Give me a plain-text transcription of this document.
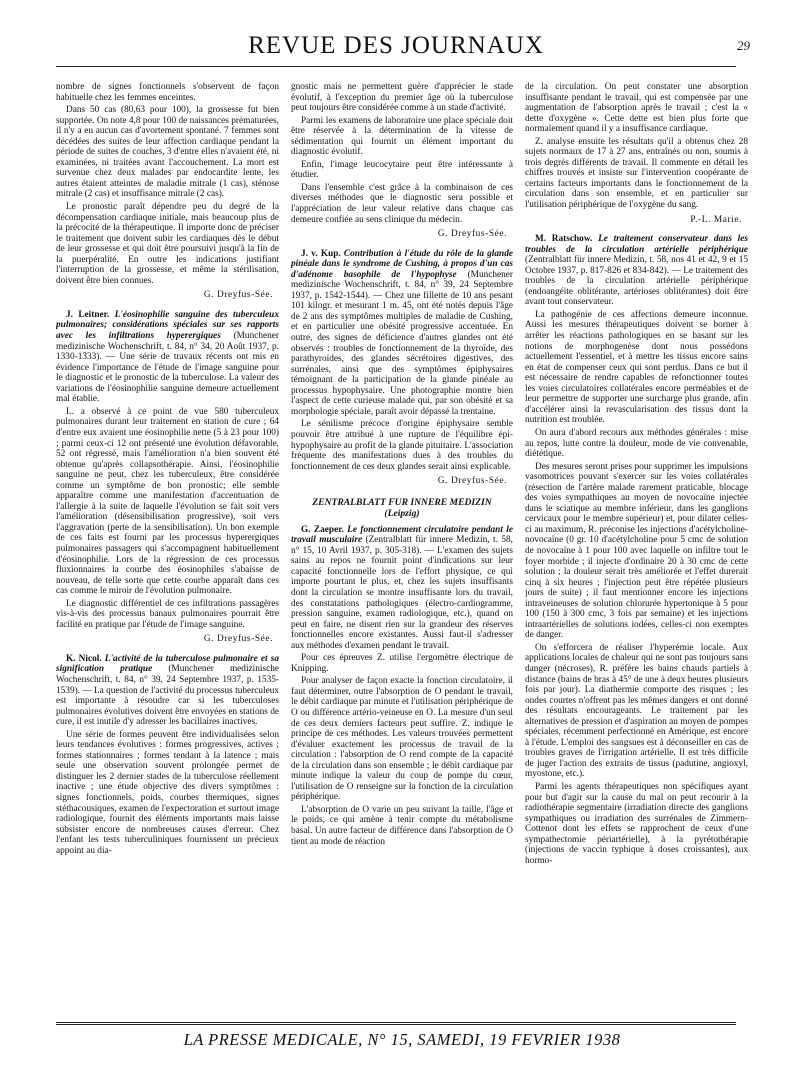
REVUE DES JOURNAUX	29

nombre de signes fonctionnels s'observent de façon habituelle chez les femmes enceintes.

Dans 50 cas (80,63 pour 100), la grossesse fut bien supportée. On note 4,8 pour 100 de naissances prématurées, il n'y a eu aucun cas d'avortement spontané. 7 femmes sont décédées des suites de leur affection cardiaque pendant la période de suites de couches, 3 d'entre elles n'avaient été, ni examinées, ni traitées avant l'accouchement. La mort est survenue chez deux malades par endocardite lente, les autres étaient atteintes de maladie mitrale (1 cas), sténose mitrale (2 cas) et insuffisance mitrale (2 cas).

Le pronostic paraît dépendre peu du degré de la décompensation cardiaque initiale, mais beaucoup plus de la précocité de la thérapeutique. Il importe donc de préciser le traitement que doivent subir les cardiaques dès le début de leur grossesse et qui doit être poursuivi jusqu'à la fin de la puerpéralité. En outre les indications justifiant l'interruption de la grossesse, et même la stérilisation, doivent être bien connues.

G. Dreyfus-Sée.

J. Leitner. L'éosinophilie sanguine des tuberculeux pulmonaires; considérations spéciales sur ses rapports avec les infiltrations hyperergiques (Munchener medizinische Wochenschrift, t. 84, n° 34, 20 Août 1937, p. 1330-1333). — Une série de travaux récents ont mis en évidence l'importance de l'étude de l'image sanguine pour le diagnostic et le pronostic de la tuberculose. La valeur des variations de l'éosinophilie sanguine demeure actuellement mal établie.

L. a observé à ce point de vue 580 tuberculeux pulmonaires durant leur traitement en station de cure ; 64 d'entre eux avaient une éosinophilie nette (5 à 23 pour 100) ; parmi ceux-ci 12 ont présenté une évolution défavorable, 52 ont régressé, mais l'amélioration n'a bien souvent été obtenue qu'après collapsothérapie. Ainsi, l'éosinophilie sanguine ne peut, chez les tuberculeux, être considérée comme un symptôme de bon pronostic; elle semble apparaître comme une manifestation d'accentuation de l'allergie à la suite de laquelle l'évolution se fait soit vers l'amélioration (désensibilisation progressive), soit vers l'aggravation (perte de la sensibilisation). Un bon exemple de ces faits est fourni par les processus hyperergiques pulmonaires passagers qui s'accompagnent habituellement d'éosinophilie. Lors de la régression de ces processus fluxionnaires la courbe des éosinophiles s'abaisse de nouveau, de telle sorte que cette courbe apparaît dans ces cas comme le miroir de l'évolution pulmonaire.

Le diagnostic différentiel de ces infiltrations passagères vis-à-vis des processus banaux pulmonaires pourrait être facilité en pratique par l'étude de l'image sanguine.

G. Dreyfus-Sée.

K. Nicol. L'activité de la tuberculose pulmonaire et sa signification pratique (Munchener medizinische Wochenschrift, t. 84, n° 39, 24 Septembre 1937, p. 1535-1539). — La question de l'activité du processus tuberculeux est importante à résoudre car si les tuberculoses pulmonaires évolutives doivent être envoyées en stations de cure, il est inutile d'y adresser les bacillaires inactives.

Une série de formes peuvent être individualisées selon leurs tendances évolutives : formes progressives, actives ; formes stationnaires ; formes tendant à la latence ; mais seule une observation souvent prolongée permet de distinguer les 2 dernier stades de la tuberculose réellement inactive ; une étude objective des divers symptômes : signes fonctionnels, poids, courbes thermiques, signes stéthacousiques, examen de l'expectoration et surtout image radiologique, fournit des éléments importants mais laisse subsister encore de nombreuses causes d'erreur. Chez l'enfant les tests tuberculiniques fournissent un précieux appoint au dia-

gnostic mais ne permettent guère d'apprécier le stade évolutif, à l'exception du premier âge où la tuberculose peut toujours être considérée comme à un stade d'activité.

Parmi les examens de laboratoire une place spéciale doit être réservée à la détermination de la vitesse de sédimentation qui fournit un élément important du diagnostic évolutif.

Enfin, l'image leucocytaire peut être intéressante à étudier.

Dans l'ensemble c'est grâce à la combinaison de ces diverses méthodes que le diagnostic sera possible et l'appréciation de leur valeur relative dans chaque cas demeure confiée au sens clinique du médecin.

G. Dreyfus-Sée.

J. v. Kup. Contribution à l'étude du rôle de la glande pinéale dans le syndrome de Cushing, à propos d'un cas d'adénome basophile de l'hypophyse (Munchener medizinische Wochenschrift, t. 84, n° 39, 24 Septembre 1937, p. 1542-1544). — Chez une fillette de 10 ans pesant 101 kilogr. et mesurant 1 m. 45, ont été notés depuis l'âge de 2 ans des symptômes multiples de maladie de Cushing, et en particulier une obésité progressive accentuée. En outre, des signes de déficience d'autres glandes ont été observés : troubles de fonctionnement de la thyroïde, des parathyroïdes, des glandes sécrétoires digestives, des surrénales, ainsi que des symptômes épiphysaires témoignant de la participation de la glande pinéale au processus hypophysaire. Une photographie montre bien l'aspect de cette curieuse malade qui, par son obésité et sa morphologie spéciale, paraît avoir dépassé la trentaine.

Le sénilisme précoce d'origine épiphysaire semble pouvoir être attribué à une rupture de l'équilibre épi-hypophysaire au profit de la glande pituitaire. L'association fréquente des manifestations dues à des troubles du fonctionnement de ces deux glandes serait ainsi explicable.

G. Dreyfus-Sée.
ZENTRALBLATT FUR INNERE MEDIZIN
(Leipzig)

G. Zaeper. Le fonctionnement circulatoire pendant le travail musculaire (Zentralblatt für innere Medizin, t. 58, n° 15, 10 Avril 1937, p. 305-318). — L'examen des sujets sains au repos ne fournit point d'indications sur leur capacité fonctionnelle lors de l'effort physique, ce qui importe pourtant le plus, et, chez les sujets insuffisants dont la circulation se montre insuffisante lors du travail, des constatations pathologiques (électro-cardiogramme, pression sanguine, examen radiologique, etc.), quand on peut en faire, ne disent rien sur la grandeur des réserves fonctionnelles encore existantes. Aussi faut-il s'adresser aux méthodes d'examen pendant le travail.

Pour ces épreuves Z. utilise l'ergomètre électrique de Knipping.

Pour analyser de façon exacte la fonction circulatoire, il faut déterminer, outre l'absorption de O pendant le travail, le débit cardiaque par minute et l'utilisation périphérique de O ou différence artério-veineuse en O. La mesure d'un seul de ces deux derniers facteurs peut suffire. Z. indique le principe de ces méthodes. Les valeurs trouvées permettent d'évaluer exactement les processus de travail de la circulation : l'absorption de O rend compte de la capacité de la circulation dans son ensemble ; le débit cardiaque par minute indique la valeur du coup de pompe du cœur, l'utilisation de O renseigne sur la fonction de la circulation périphérique.

L'absorption de O varie un peu suivant la taille, l'âge et le poids, ce qui amène à tenir compte du métabolisme basal. Un autre facteur de différence dans l'absorption de O tient au mode de réaction

de la circulation. On peut constater une absorption insuffisante pendant le travail, qui est compensée par une augmentation de l'absorption après le travail ; c'est la « dette d'oxygène ». Cette dette est bien plus forte que normalement quand il y a insuffisance cardiaque.

Z. analyse ensuite les résultats qu'il a obtenus chez 28 sujets normaux de 17 à 27 ans, entraînés ou non, soumis à trois degrés différents de travail. Il commente en détail les chiffres trouvés et insiste sur l'intervention coopérante de certains facteurs importants dans le fonctionnement de la circulation dans son ensemble, et en particulier sur l'utilisation périphérique de l'oxygène du sang.

P.-L. Marie.

M. Ratschow. Le traitement conservateur dans les troubles de la circulation artérielle périphérique (Zentralblatt für innere Medizin, t. 58, nos 41 et 42, 9 et 15 Octobre 1937, p. 817-826 et 834-842). — Le traitement des troubles de la circulation artérielle périphérique (endoangéite oblitérante, artérioses oblitérantes) doit être avant tout conservateur.

La pathogénie de ces affections demeure inconnue. Aussi les mesures thérapeutiques doivent se borner à arrêter les réactions pathologiques en se basant sur les notions de morphogenèse dont nous possédons actuellement l'essentiel, et à mettre les tissus encore sains en état de compenser ceux qui sont perdus. Dans ce but il est nécessaire de rendre capables de refonctionner toutes les voies circulatoires collatérales encore perméables et de leur permettre de supporter une surcharge plus grande, afin d'accélérer ainsi la revascularisation des tissus dont la nutrition est troublée.

On aura d'abord recours aux méthodes générales : mise au repos, lutte contre la douleur, mode de vie convenable, diététique.

Des mesures seront prises pour supprimer les impulsions vasomotrices pouvant s'exercer sur les voies collatérales (résection de l'artère malade rarement praticable, blocage des voies sympathiques au moyen de novocaïne injectée dans le sciatique au membre inférieur, dans les ganglions cervicaux pour le membre supérieur) et, pour dilater celles-ci au maximum, R. préconise les injections d'acétylcholine-novocaïne (0 gr. 10 d'acétylcholine pour 5 cmc de solution de novocaïne à 1 pour 100 avec laquelle on infiltre tout le foyer morbide ; il injecte d'ordinaire 20 à 30 cmc de cette solution ; la douleur serait très améliorée et l'effet durerait cinq à six heures ; l'injection peut être répétée plusieurs jours de suite) ; il faut mentionner encore les injections intraveineuses de solution chlorurée hypertonique à 5 pour 100 (150 à 300 cmc, 3 fois par semaine) et les injections intraartérielles de solutions iodées, celles-ci non exemptes de danger.

On s'efforcera de réaliser l'hyperémie locale. Aux applications locales de chaleur qui ne sont pas toujours sans danger (nécroses), R. préfère les bains chauds partiels à distance (bains de bras à 45° de une à deux heures plusieurs fois par jour). La diathermie comporte des risques ; les ondes courtes n'offrent pas les mêmes dangers et ont donné des résultats encourageants. Le traitement par les alternatives de pression et d'aspiration au moyen de pompes spéciales, récemment perfectionné en Amérique, est encore à l'étude. L'emploi des sangsues est à déconseiller en cas de troubles graves de l'irrigation artérielle. Il est très difficile de juger l'action des extraits de tissus (padutine, angioxyl, myostone, etc.).

Parmi les agents thérapeutiques non spécifiques ayant pour but d'agir sur la cause du mal on peut recourir à la radiothérapie segmentaire (irradiation directe des ganglions sympathiques ou irradiation des surrénales de Zimmern-Cottenot dont les effets se rapprochent de ceux d'une sympathectomie périartérielle), à la pyrétothérapie (injections de vaccin typhique à doses croissantes), aux hormo-

LA PRESSE MEDICALE, N° 15, SAMEDI, 19 FEVRIER 1938
